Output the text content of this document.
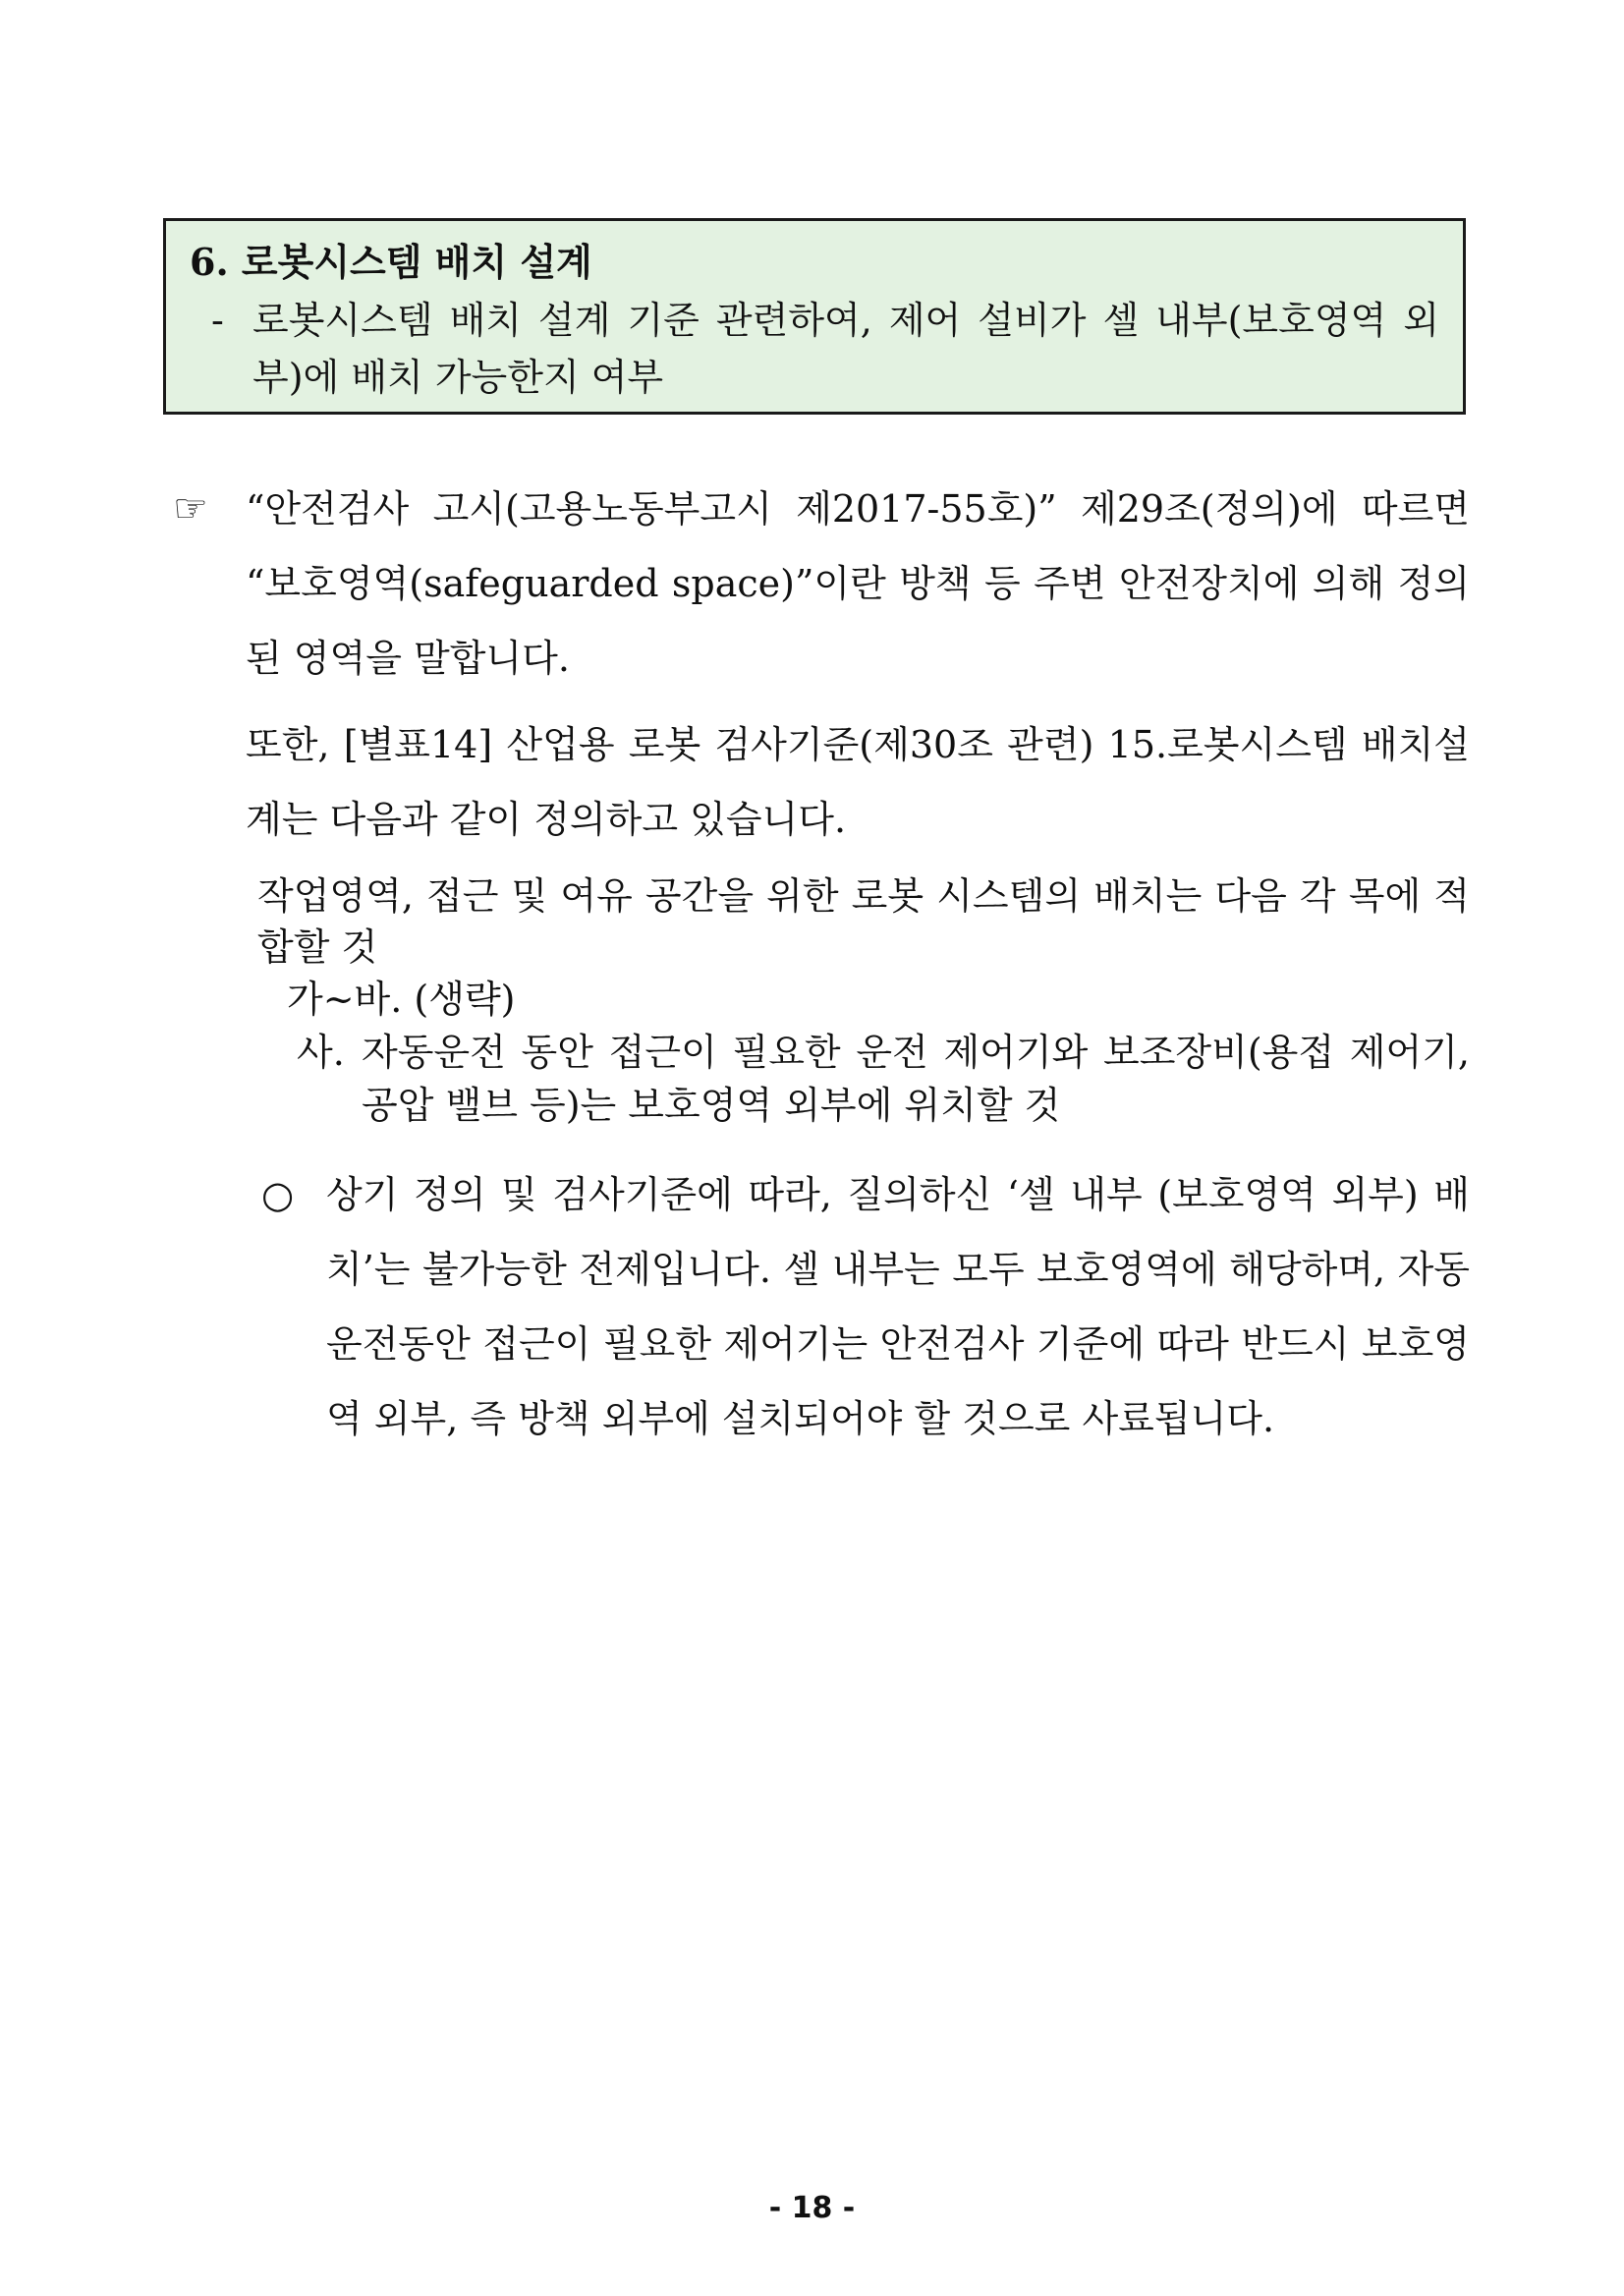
6. 로봇시스템 배치 설계
- 로봇시스템 배치 설계 기준 관련하여, 제어 설비가 셀 내부(보호영역 외부)에 배치 가능한지 여부
☞ “안전검사 고시(고용노동부고시 제2017-55호)” 제29조(정의)에 따르면 “보호영역(safeguarded space)”이란 방책 등 주변 안전장치에 의해 정의된 영역을 말합니다.
또한, [별표14] 산업용 로봇 검사기준(제30조 관련) 15.로봇시스템 배치설계는 다음과 같이 정의하고 있습니다.
작업영역, 접근 및 여유 공간을 위한 로봇 시스템의 배치는 다음 각 목에 적합할 것
가∼바. (생략)
사. 자동운전 동안 접근이 필요한 운전 제어기와 보조장비(용접 제어기, 공압 밸브 등)는 보호영역 외부에 위치할 것
○ 상기 정의 및 검사기준에 따라, 질의하신 ‘셀 내부 (보호영역 외부) 배치’는 불가능한 전제입니다. 셀 내부는 모두 보호영역에 해당하며, 자동운전동안 접근이 필요한 제어기는 안전검사 기준에 따라 반드시 보호영역 외부, 즉 방책 외부에 설치되어야 할 것으로 사료됩니다.
- 18 -
